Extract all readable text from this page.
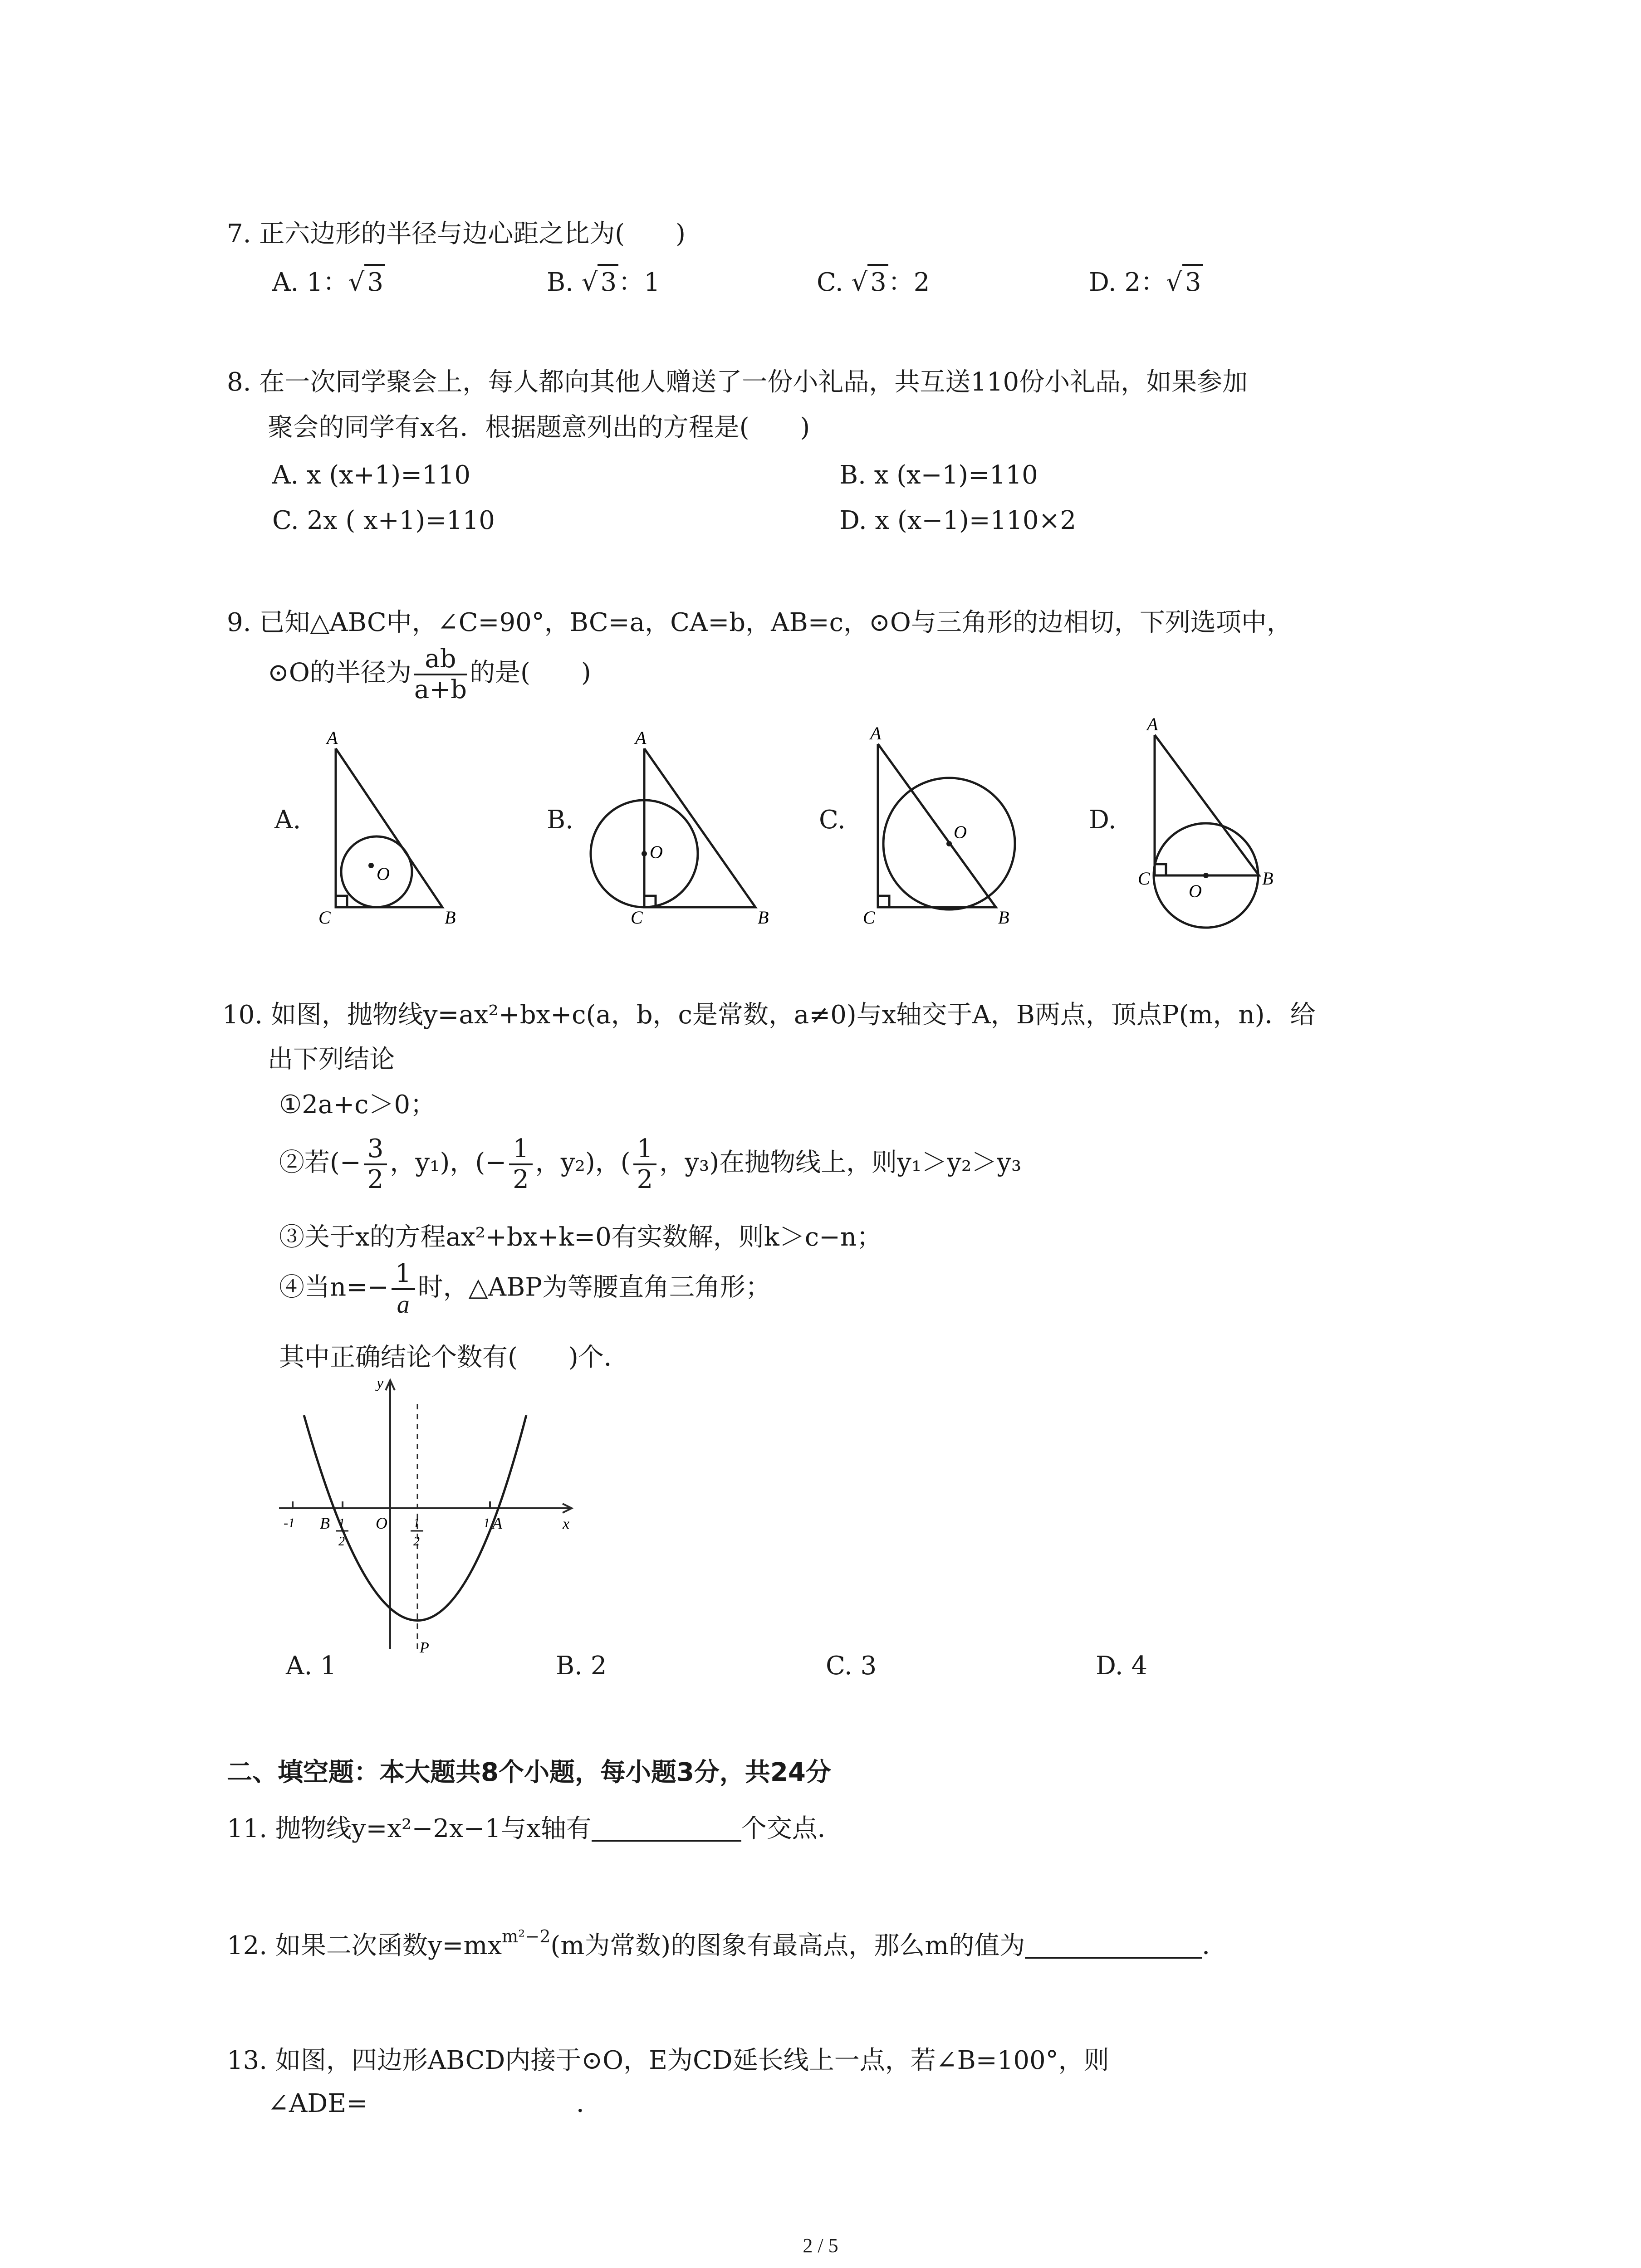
7. 正六边形的半径与边心距之比为(　　)
A. 1：√ 3	B. √ 3：1	C. √ 3：2	D. 2：√ 3
8. 在一次同学聚会上，每人都向其他人赠送了一份小礼品，共互送110份小礼品，如果参加
聚会的同学有x名．根据题意列出的方程是(　　)
A. x (x+1)=110	B. x (x−1)=110
C. 2x ( x+1)=110	D. x (x−1)=110×2
9. 已知△ABC中，∠C=90°，BC=a，CA=b，AB=c，⊙O与三角形的边相切，下列选项中，
⊙O的半径为 $\frac{ab}{a+b}$ 的是(　　)
A.	B.	C.	D.
A
C	B
O
A
C	B
O
A
C	B
O
A
C	B
O
10. 如图，抛物线y=ax²+bx+c(a，b，c是常数，a≠0)与x轴交于A，B两点，顶点P(m，n)．给
出下列结论
①2a+c＞0；
②若(− $\frac{3}{2}$ ，y₁)，(− $\frac{1}{2}$ ，y₂)，( $\frac{1}{2}$ ，y₃)在抛物线上，则y₁＞y₂＞y₃
③关于x的方程ax²+bx+k=0有实数解，则k＞c−n；
④当$n=- \frac{1}{a}$ 时，△ABP为等腰直角三角形；
其中正确结论个数有(　　)个．
y
x
O
B	A
P
-1	1
1
2
1
2
A. 1	B. 2	C. 3	D. 4
二、填空题：本大题共8个小题，每小题3分，共24分
11. 抛物线y=x²−2x−1与x轴有	个交点．
12. 如果二次函数$y=mx^{m^2-2}(m$为常数)的图象有最高点，那么m的值为	．
13. 如图，四边形ABCD内接于⊙O，E为CD延长线上一点，若∠B=100°，则
∠ADE=	．
2 / 5
